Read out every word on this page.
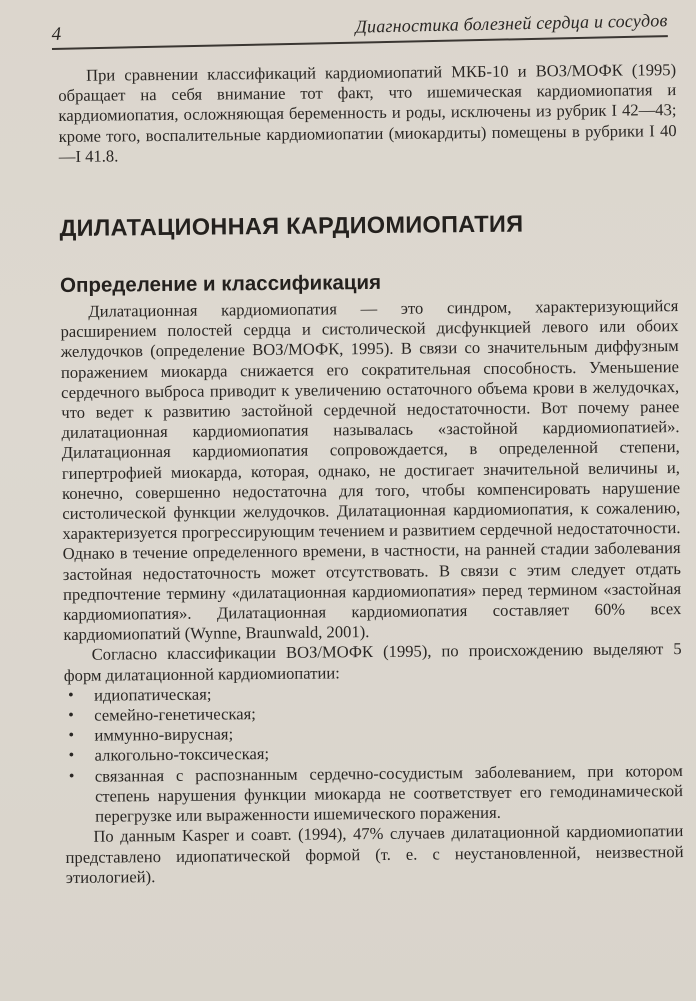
4	Диагностика болезней сердца и сосудов

При сравнении классификаций кардиомиопатий МКБ-10 и ВОЗ/МОФК (1995) обращает на себя внимание тот факт, что ишемическая кардиомиопатия и кардиомиопатия, осложняющая беременность и роды, исключены из рубрик I 42—43; кроме того, воспалительные кардиомиопатии (миокардиты) помещены в рубрики I 40—I 41.8.

ДИЛАТАЦИОННАЯ КАРДИОМИОПАТИЯ
Определение и классификация

Дилатационная кардиомиопатия — это синдром, характеризующийся расширением полостей сердца и систолической дисфункцией левого или обоих желудочков (определение ВОЗ/МОФК, 1995). В связи со значительным диффузным поражением миокарда снижается его сократительная способность. Уменьшение сердечного выброса приводит к увеличению остаточного объема крови в желудочках, что ведет к развитию застойной сердечной недостаточности. Вот почему ранее дилатационная кардиомиопатия называлась «застойной кардиомиопатией». Дилатационная кардиомиопатия сопровождается, в определенной степени, гипертрофией миокарда, которая, однако, не достигает значительной величины и, конечно, совершенно недостаточна для того, чтобы компенсировать нарушение систолической функции желудочков. Дилатационная кардиомиопатия, к сожалению, характеризуется прогрессирующим течением и развитием сердечной недостаточности. Однако в течение определенного времени, в частности, на ранней стадии заболевания застойная недостаточность может отсутствовать. В связи с этим следует отдать предпочтение термину «дилатационная кардиомиопатия» перед термином «застойная кардиомиопатия». Дилатационная кардиомиопатия составляет 60% всех кардиомиопатий (Wynne, Braunwald, 2001).

Согласно классификации ВОЗ/МОФК (1995), по происхождению выделяют 5 форм дилатационной кардиомиопатии:

• идиопатическая;
• семейно-генетическая;
• иммунно-вирусная;
• алкогольно-токсическая;
• связанная с распознанным сердечно-сосудистым заболеванием, при котором степень нарушения функции миокарда не соответствует его гемодинамической перегрузке или выраженности ишемического поражения.

По данным Kasper и соавт. (1994), 47% случаев дилатационной кардиомиопатии представлено идиопатической формой (т. е. с неустановленной, неизвестной этиологией).
